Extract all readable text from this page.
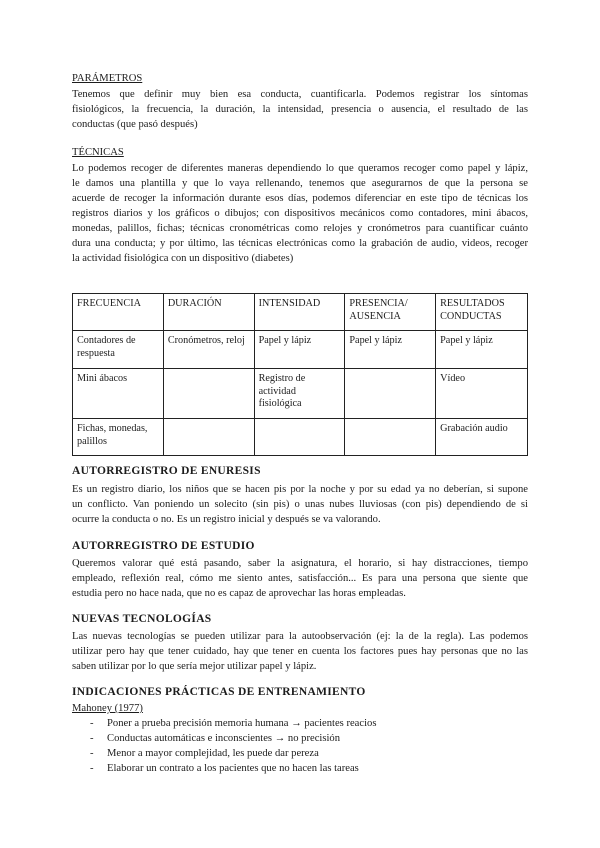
PARÁMETROS
Tenemos que definir muy bien esa conducta, cuantificarla. Podemos registrar los síntomas
fisiológicos, la frecuencia, la duración, la intensidad, presencia o ausencia, el resultado de las
conductas (que pasó después)
TÉCNICAS
Lo podemos recoger de diferentes maneras dependiendo lo que queramos recoger como papel y lápiz,
le damos una plantilla y que lo vaya rellenando, tenemos que asegurarnos de que la persona se
acuerde de recoger la información durante esos días, podemos diferenciar en este tipo de técnicas los
registros diarios y los gráficos o dibujos; con dispositivos mecánicos como contadores, mini ábacos,
monedas, palillos, fichas; técnicas cronométricas como relojes y cronómetros para cuantificar cuánto
dura una conducta; y por último, las técnicas electrónicas como la grabación de audio, videos, recoger
la actividad fisiológica con un dispositivo (diabetes)
FRECUENCIA	DURACIÓN	INTENSIDAD	PRESENCIA/ AUSENCIA	RESULTADOS CONDUCTAS
Contadores de respuesta	Cronómetros, reloj	Papel y lápiz	Papel y lápiz	Papel y lápiz
Mini ábacos		Registro de actividad fisiológica		Vídeo
Fichas, monedas, palillos				Grabación audio
AUTORREGISTRO DE ENURESIS
Es un registro diario, los niños que se hacen pis por la noche y por su edad ya no deberían, si supone
un conflicto. Van poniendo un solecito (sin pis) o unas nubes lluviosas (con pis) dependiendo de si
ocurre la conducta o no. Es un registro inicial y después se va valorando.
AUTORREGISTRO DE ESTUDIO
Queremos valorar qué está pasando, saber la asignatura, el horario, si hay distracciones, tiempo
empleado, reflexión real, cómo me siento antes, satisfacción... Es para una persona que siente que
estudia pero no hace nada, que no es capaz de aprovechar las horas empleadas.
NUEVAS TECNOLOGÍAS
Las nuevas tecnologías se pueden utilizar para la autoobservación (ej: la de la regla). Las podemos
utilizar pero hay que tener cuidado, hay que tener en cuenta los factores pues hay personas que no las
saben utilizar por lo que sería mejor utilizar papel y lápiz.
INDICACIONES PRÁCTICAS DE ENTRENAMIENTO
Mahoney (1977)
- Poner a prueba precisión memoria humana → pacientes reacios
- Conductas automáticas e inconscientes → no precisión
- Menor a mayor complejidad, les puede dar pereza
- Elaborar un contrato a los pacientes que no hacen las tareas
